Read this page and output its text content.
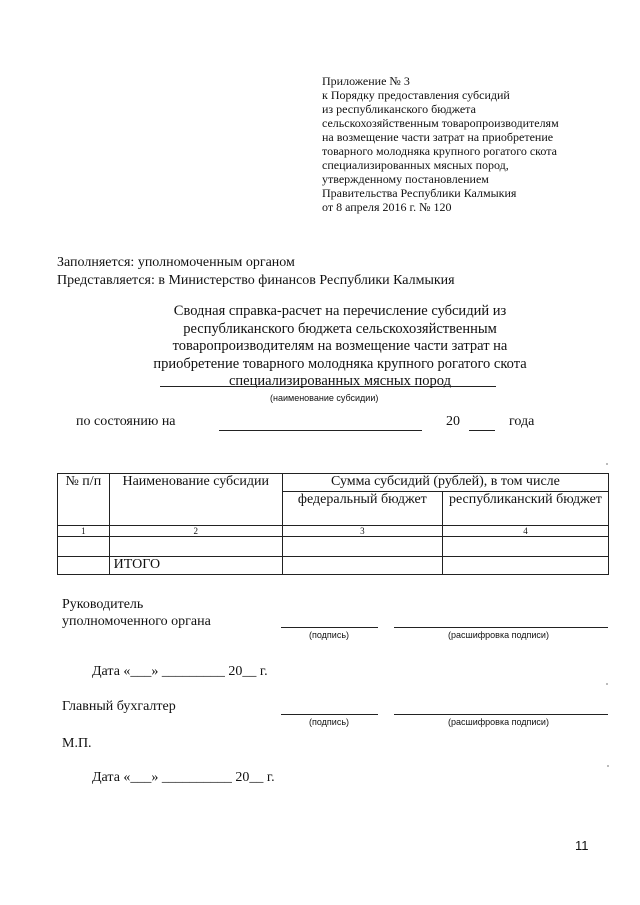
Приложение № 3
к Порядку предоставления субсидий
из республиканского бюджета
сельскохозяйственным товаропроизводителям
на возмещение части затрат на приобретение
товарного молодняка крупного рогатого скота
специализированных мясных пород,
утвержденному постановлением
Правительства Республики Калмыкия
от 8 апреля 2016 г. № 120
Заполняется: уполномоченным органом
Представляется: в Министерство финансов Республики Калмыкия
Сводная справка-расчет на перечисление субсидий из
республиканского бюджета сельскохозяйственным
товаропроизводителям на возмещение части затрат на
приобретение товарного молодняка крупного рогатого скота
специализированных мясных пород
(наименование субсидии)
по состоянию на	20	года
№ п/п	Наименование субсидии	Сумма субсидий (рублей), в том числе	
		федеральный бюджет	республиканский бюджет
1	2	3	4

	ИТОГО		
Руководитель
уполномоченного органа
(подпись)	(расшифровка подписи)
Дата «___» _________ 20__ г.
Главный бухгалтер
(подпись)	(расшифровка подписи)
М.П.
Дата «___» __________ 20__ г.
11
